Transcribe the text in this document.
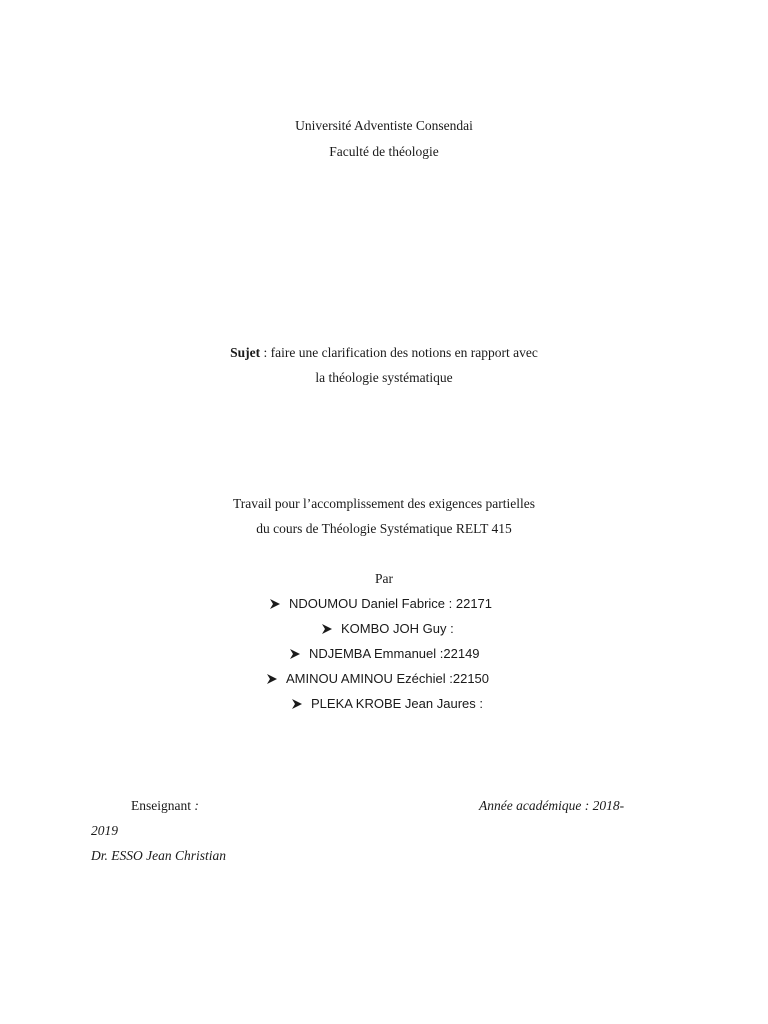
Université Adventiste Consendai
Faculté de théologie
Sujet : faire une clarification des notions en rapport avec
la théologie systématique
Travail pour l’accomplissement des exigences partielles
du cours de Théologie Systématique RELT 415
Par
NDOUMOU Daniel Fabrice : 22171
KOMBO JOH Guy :
NDJEMBA Emmanuel :22149
AMINOU AMINOU Ezéchiel :22150
PLEKA KROBE Jean Jaures :
Enseignant :	Année académique : 2018-
2019
Dr. ESSO Jean Christian
